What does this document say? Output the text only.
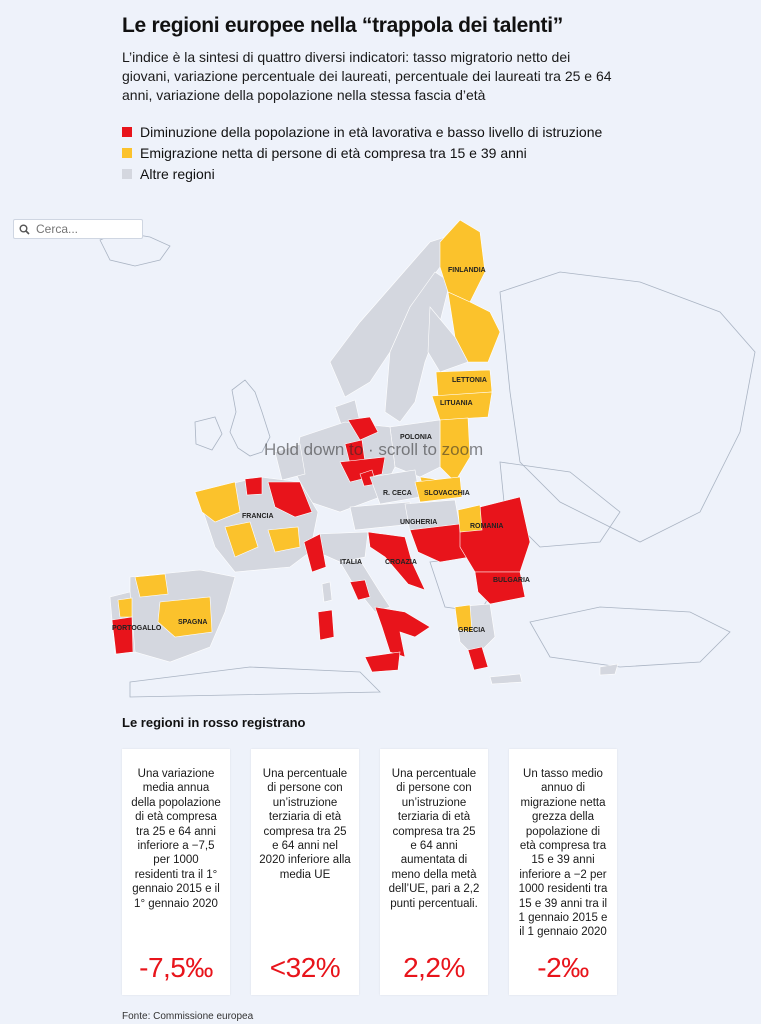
Le regioni europee nella “trappola dei talenti”
L’indice è la sintesi di quattro diversi indicatori: tasso migratorio netto dei giovani, variazione percentuale dei laureati, percentuale dei laureati tra 25 e 64 anni, variazione della popolazione nella stessa fascia d’età
Diminuzione della popolazione in età lavorativa e basso livello di istruzione
Emigrazione netta di persone di età compresa tra 15 e 39 anni
Altre regioni
FINLANDIA
LETTONIA
LITUANIA
POLONIA
R. CECA SLOVACCHIA
UNGHERIA
ROMANIA
BULGARIA
FRANCIA
ITALIA	CROAZIA
SPAGNA
PORTOGALLO	GRECIA
Cerca...
Hold down to · scroll to zoom
Le regioni in rosso registrano
Una variazione media annua della popolazione di età compresa tra 25 e 64 anni inferiore a −7,5 per 1000 residenti tra il 1° gennaio 2015 e il 1° gennaio 2020
Una percentuale di persone con un’istruzione terziaria di età compresa tra 25 e 64 anni nel 2020 inferiore alla media UE
Una percentuale di persone con un’istruzione terziaria di età compresa tra 25 e 64 anni aumentata di meno della metà dell’UE, pari a 2,2 punti percentuali.
Un tasso medio annuo di migrazione netta grezza della popolazione di età compresa tra 15 e 39 anni inferiore a −2 per 1000 residenti tra 15 e 39 anni tra il 1 gennaio 2015 e il 1 gennaio 2020
-7,5‰	<32%	2,2%	-2‰
Fonte: Commissione europea
